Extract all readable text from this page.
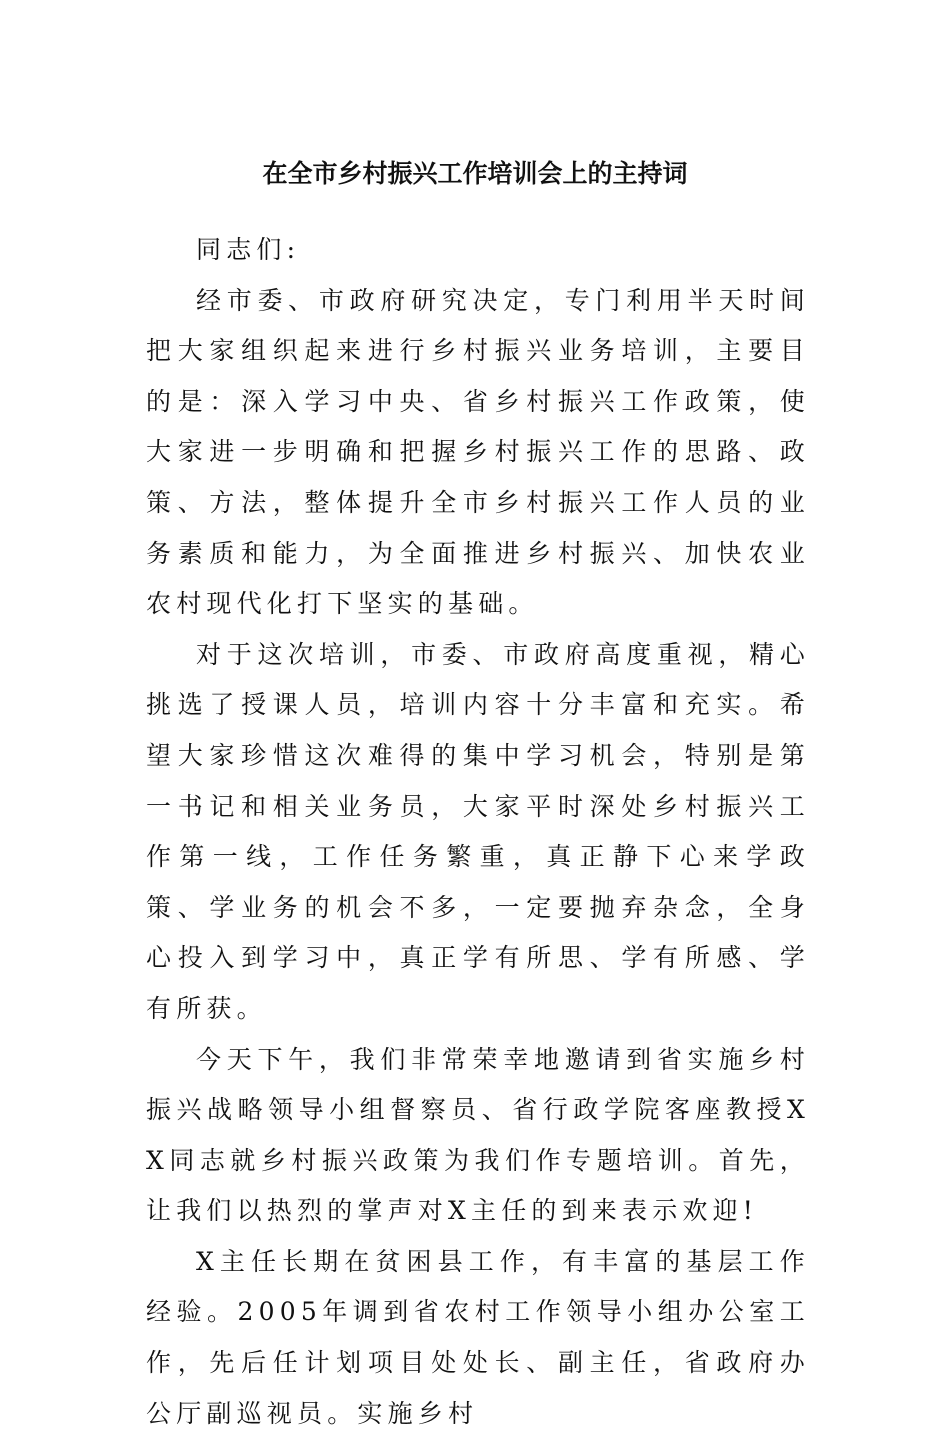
在全市乡村振兴工作培训会上的主持词

同志们:

经市委、市政府研究决定，专门利用半天时间把大家组织起来进行乡村振兴业务培训，主要目的是：深入学习中央、省乡村振兴工作政策，使大家进一步明确和把握乡村振兴工作的思路、政策、方法，整体提升全市乡村振兴工作人员的业务素质和能力，为全面推进乡村振兴、加快农业农村现代化打下坚实的基础。

对于这次培训，市委、市政府高度重视，精心挑选了授课人员，培训内容十分丰富和充实。希望大家珍惜这次难得的集中学习机会，特别是第一书记和相关业务员，大家平时深处乡村振兴工作第一线，工作任务繁重，真正静下心来学政策、学业务的机会不多，一定要抛弃杂念，全身心投入到学习中，真正学有所思、学有所感、学有所获。

今天下午，我们非常荣幸地邀请到省实施乡村振兴战略领导小组督察员、省行政学院客座教授XX同志就乡村振兴政策为我们作专题培训。首先，让我们以热烈的掌声对X主任的到来表示欢迎!

X主任长期在贫困县工作，有丰富的基层工作经验。2005年调到省农村工作领导小组办公室工作，先后任计划项目处处长、副主任，省政府办公厅副巡视员。实施乡村
